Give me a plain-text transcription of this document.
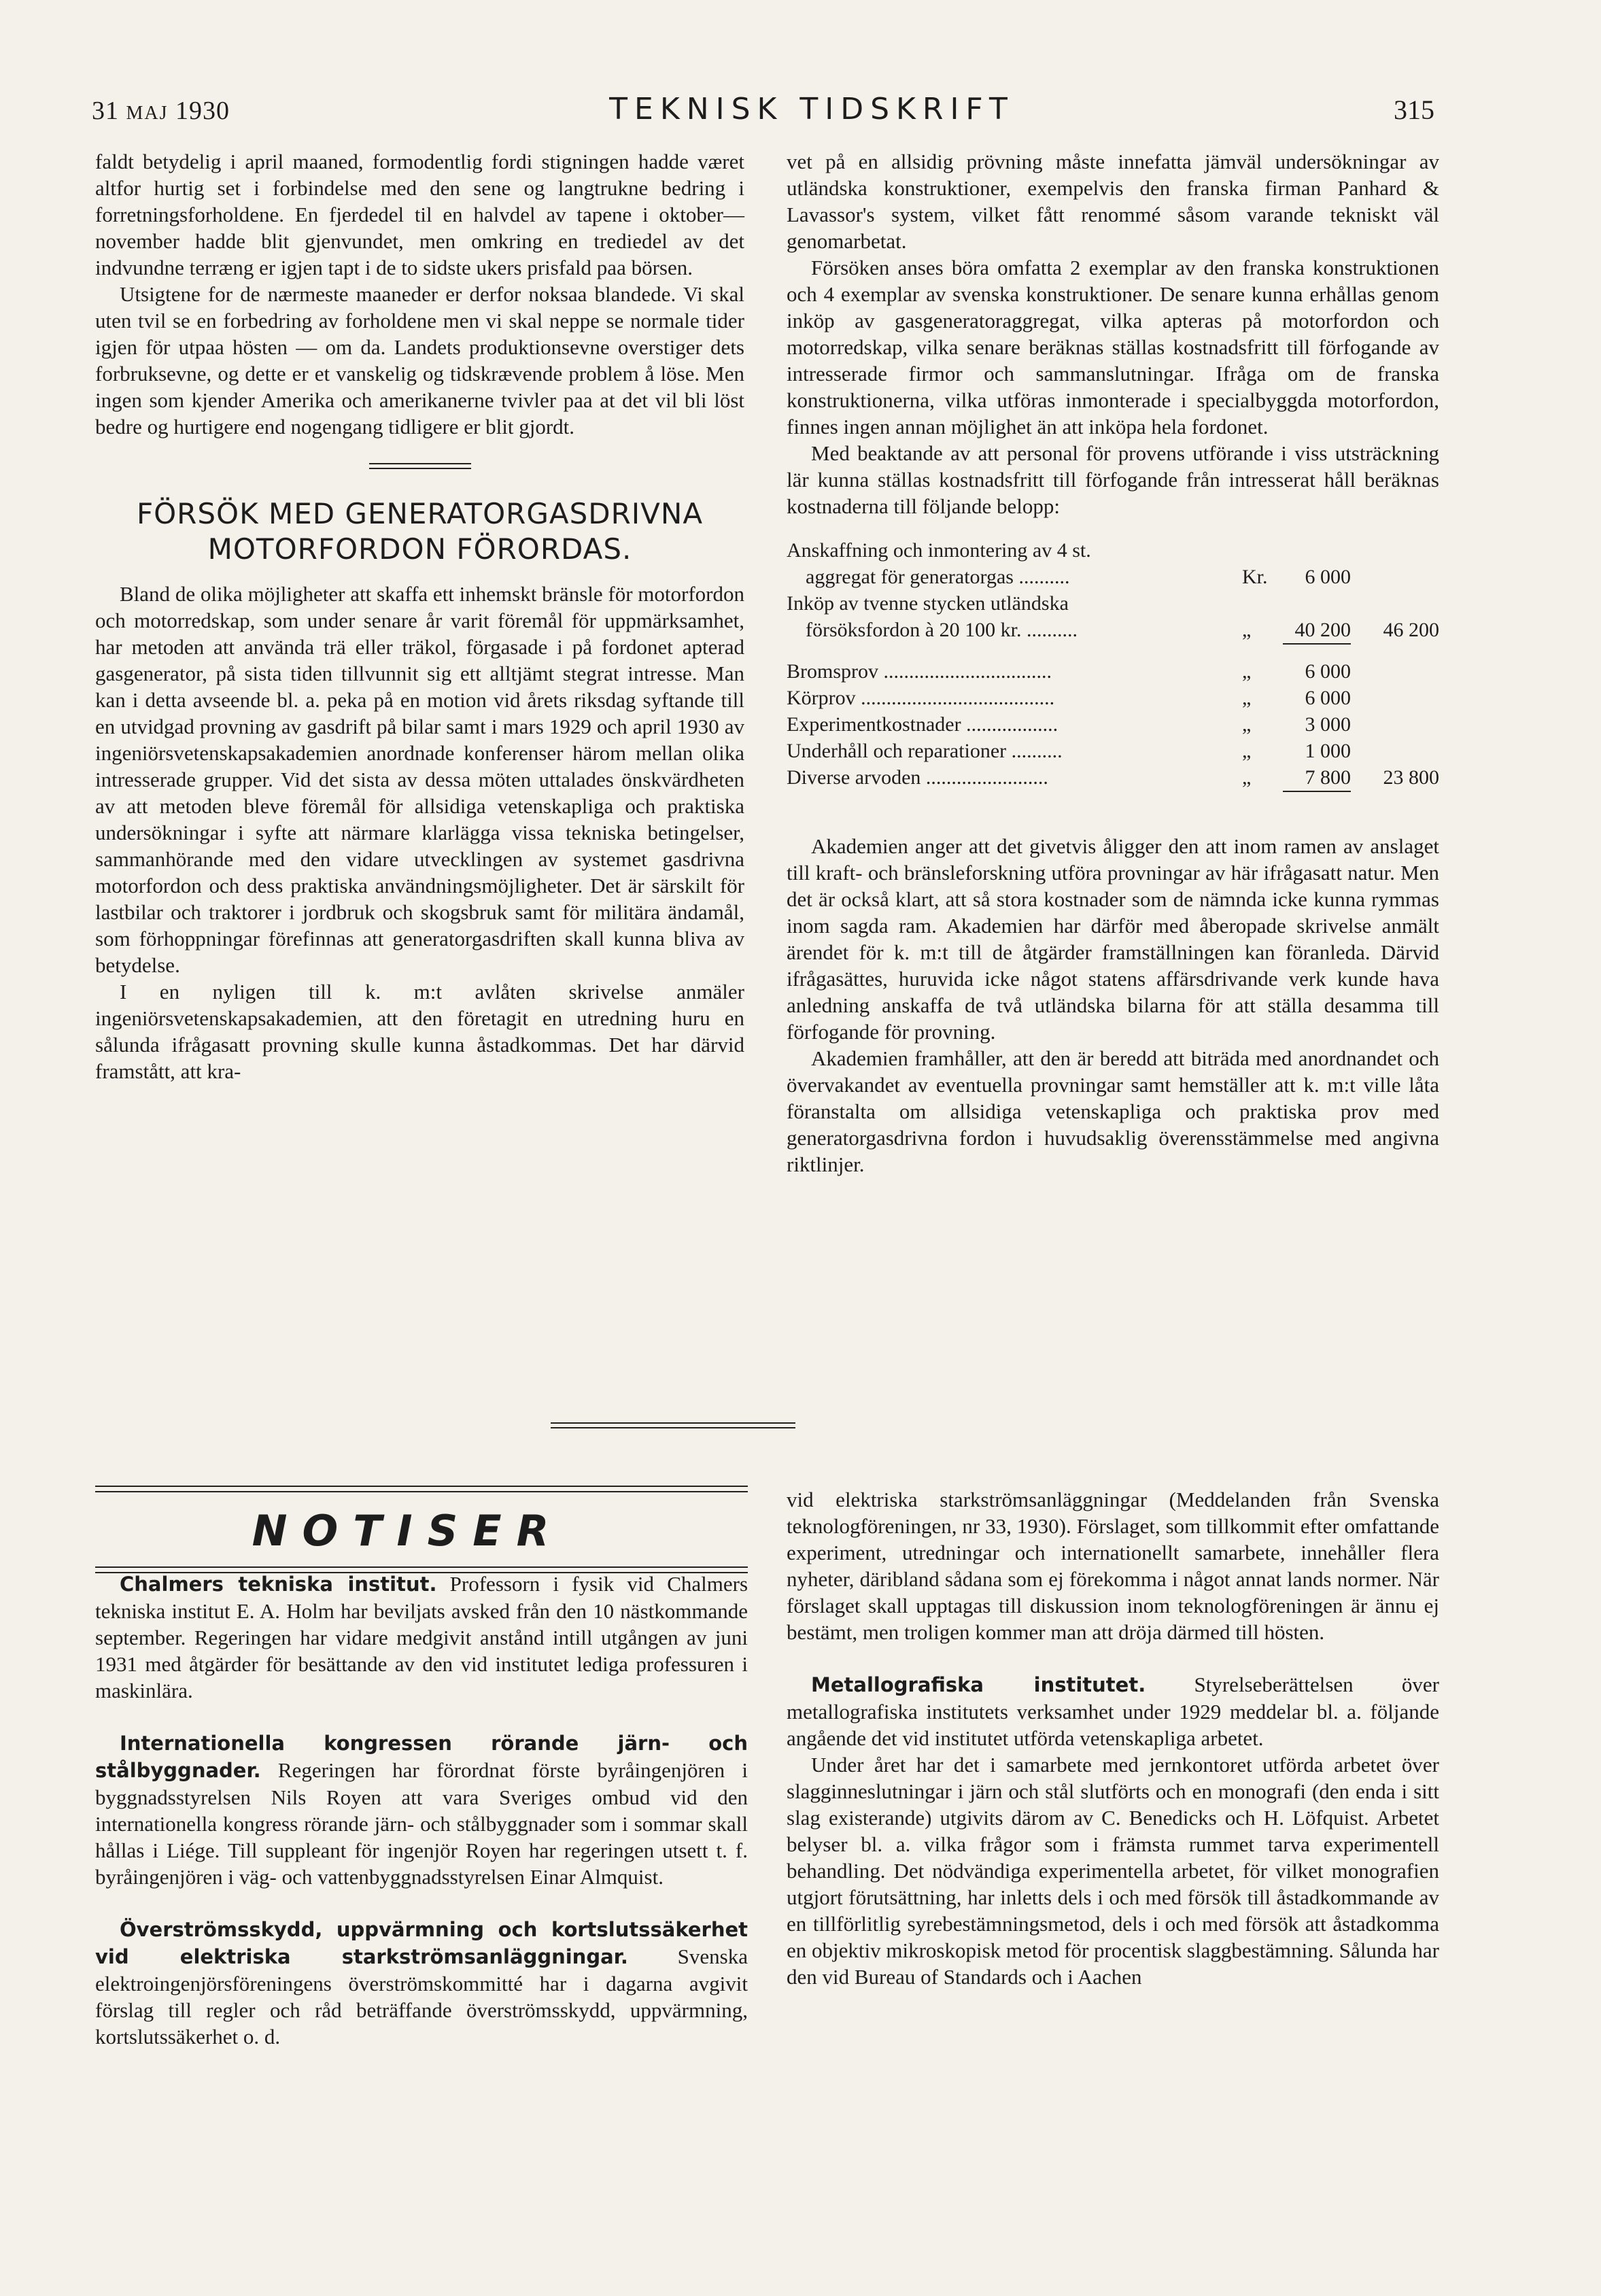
31 MAJ 1930	TEKNISK TIDSKRIFT	315

faldt betydelig i april maaned, formodentlig fordi stigningen hadde været altfor hurtig set i forbindelse med den sene og langtrukne bedring i forretningsforholdene. En fjerdedel til en halvdel av tapene i oktober—november hadde blit gjenvundet, men omkring en trediedel av det indvundne terræng er igjen tapt i de to sidste ukers prisfald paa börsen.

Utsigtene for de nærmeste maaneder er derfor noksaa blandede. Vi skal uten tvil se en forbedring av forholdene men vi skal neppe se normale tider igjen för utpaa hösten — om da. Landets produktionsevne overstiger dets forbruksevne, og dette er et vanskelig og tidskrævende problem å löse. Men ingen som kjender Amerika och amerikanerne tvivler paa at det vil bli löst bedre og hurtigere end nogengang tidligere er blit gjordt.

FÖRSÖK MED GENERATORGASDRIVNA
MOTORFORDON FÖRORDAS.

Bland de olika möjligheter att skaffa ett inhemskt bränsle för motorfordon och motorredskap, som under senare år varit föremål för uppmärksamhet, har metoden att använda trä eller träkol, förgasade i på fordonet apterad gasgenerator, på sista tiden tillvunnit sig ett alltjämt stegrat intresse. Man kan i detta avseende bl. a. peka på en motion vid årets riksdag syftande till en utvidgad provning av gasdrift på bilar samt i mars 1929 och april 1930 av ingeniörsvetenskapsakademien anordnade konferenser härom mellan olika intresserade grupper. Vid det sista av dessa möten uttalades önskvärdheten av att metoden bleve föremål för allsidiga vetenskapliga och praktiska undersökningar i syfte att närmare klarlägga vissa tekniska betingelser, sammanhörande med den vidare utvecklingen av systemet gasdrivna motorfordon och dess praktiska användningsmöjligheter. Det är särskilt för lastbilar och traktorer i jordbruk och skogsbruk samt för militära ändamål, som förhoppningar förefinnas att generatorgasdriften skall kunna bliva av betydelse.

I en nyligen till k. m:t avlåten skrivelse anmäler ingeniörsvetenskapsakademien, att den företagit en utredning huru en sålunda ifrågasatt provning skulle kunna åstadkommas. Det har därvid framstått, att kra-

vet på en allsidig prövning måste innefatta jämväl undersökningar av utländska konstruktioner, exempelvis den franska firman Panhard & Lavassor's system, vilket fått renommé såsom varande tekniskt väl genomarbetat.

Försöken anses böra omfatta 2 exemplar av den franska konstruktionen och 4 exemplar av svenska konstruktioner. De senare kunna erhållas genom inköp av gasgeneratoraggregat, vilka apteras på motorfordon och motorredskap, vilka senare beräknas ställas kostnadsfritt till förfogande av intresserade firmor och sammanslutningar. Ifråga om de franska konstruktionerna, vilka utföras inmonterade i specialbyggda motorfordon, finnes ingen annan möjlighet än att inköpa hela fordonet.

Med beaktande av att personal för provens utförande i viss utsträckning lär kunna ställas kostnadsfritt till förfogande från intresserat håll beräknas kostnaderna till följande belopp:

Anskaffning och inmontering av 4 st.
aggregat för generatorgas ..........	Kr.	6 000
Inköp av tvenne stycken utländska
försöksfordon à 20 100 kr. ..........	„	40 200	46 200
Bromsprov .................................	„	6 000
Körprov ......................................	„	6 000
Experimentkostnader ..................	„	3 000
Underhåll och reparationer ..........	„	1 000
Diverse arvoden ........................	„	7 800	23 800

Akademien anger att det givetvis åligger den att inom ramen av anslaget till kraft- och bränsleforskning utföra provningar av här ifrågasatt natur. Men det är också klart, att så stora kostnader som de nämnda icke kunna rymmas inom sagda ram. Akademien har därför med åberopade skrivelse anmält ärendet för k. m:t till de åtgärder framställningen kan föranleda. Därvid ifrågasättes, huruvida icke något statens affärsdrivande verk kunde hava anledning anskaffa de två utländska bilarna för att ställa desamma till förfogande för provning.

Akademien framhåller, att den är beredd att biträda med anordnandet och övervakandet av eventuella provningar samt hemställer att k. m:t ville låta föranstalta om allsidiga vetenskapliga och praktiska prov med generatorgasdrivna fordon i huvudsaklig överensstämmelse med angivna riktlinjer.

NOTISER

Chalmers tekniska institut. Professorn i fysik vid Chalmers tekniska institut E. A. Holm har beviljats avsked från den 10 nästkommande september. Regeringen har vidare medgivit anstånd intill utgången av juni 1931 med åtgärder för besättande av den vid institutet lediga professuren i maskinlära.

Internationella kongressen rörande järn- och stålbyggnader. Regeringen har förordnat förste byråingenjören i byggnadsstyrelsen Nils Royen att vara Sveriges ombud vid den internationella kongress rörande järn- och stålbyggnader som i sommar skall hållas i Liége. Till suppleant för ingenjör Royen har regeringen utsett t. f. byråingenjören i väg- och vattenbyggnadsstyrelsen Einar Almquist.

Överströmsskydd, uppvärmning och kortslutssäkerhet vid elektriska starkströmsanläggningar. Svenska elektroingenjörsföreningens överströmskommitté har i dagarna avgivit förslag till regler och råd beträffande överströmsskydd, uppvärmning, kortslutssäkerhet o. d.

vid elektriska starkströmsanläggningar (Meddelanden från Svenska teknologföreningen, nr 33, 1930). Förslaget, som tillkommit efter omfattande experiment, utredningar och internationellt samarbete, innehåller flera nyheter, däribland sådana som ej förekomma i något annat lands normer. När förslaget skall upptagas till diskussion inom teknologföreningen är ännu ej bestämt, men troligen kommer man att dröja därmed till hösten.

Metallografiska institutet. Styrelseberättelsen över metallografiska institutets verksamhet under 1929 meddelar bl. a. följande angående det vid institutet utförda vetenskapliga arbetet.

Under året har det i samarbete med jernkontoret utförda arbetet över slagginneslutningar i järn och stål slutförts och en monografi (den enda i sitt slag existerande) utgivits därom av C. Benedicks och H. Löfquist. Arbetet belyser bl. a. vilka frågor som i främsta rummet tarva experimentell behandling. Det nödvändiga experimentella arbetet, för vilket monografien utgjort förutsättning, har inletts dels i och med försök till åstadkommande av en tillförlitlig syrebestämningsmetod, dels i och med försök att åstadkomma en objektiv mikroskopisk metod för procentisk slaggbestämning. Sålunda har den vid Bureau of Standards och i Aachen
